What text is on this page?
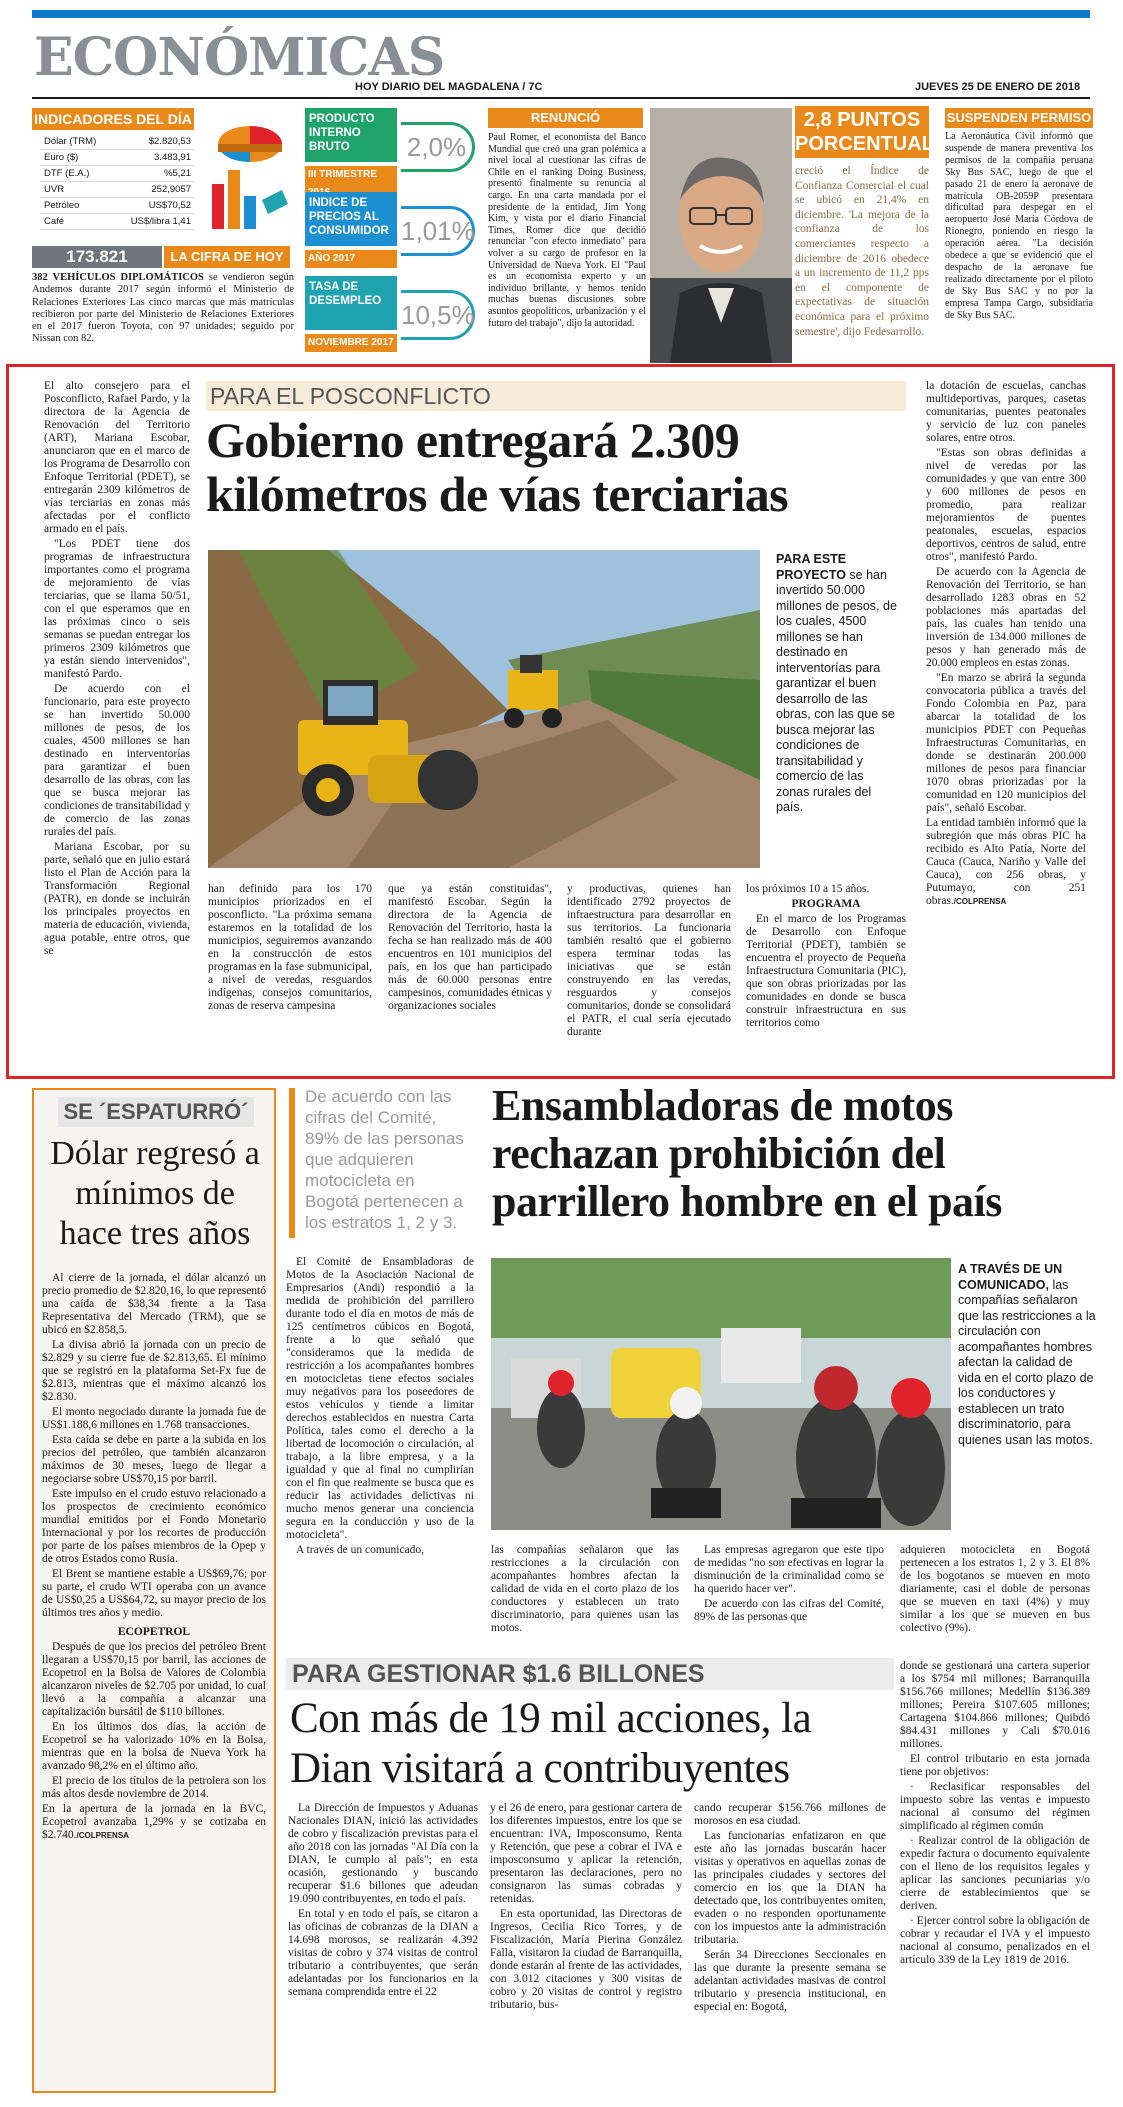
ECONÓMICAS
HOY DIARIO DEL MAGDALENA / 7C	JUEVES 25 DE ENERO DE 2018
INDICADORES DEL DÍA
Dólar (TRM)	$2.820,53
Euro ($)	3.483,91
DTF (E.A.)	%5,21
UVR	252,9057
Petróleo	US$70,52
Café	US$/libra 1,41
173.821	LA CIFRA DE HOY
382 VEHÍCULOS DIPLOMÁTICOS se vendieron según Andemos durante 2017 según informó el Ministerio de Relaciones Exteriores Las cinco marcas que más matrículas recibieron por parte del Ministerio de Relaciones Exteriores en el 2017 fueron Toyota, con 97 unidades; seguido por Nissan con 82.
PRODUCTO INTERNO BRUTO
III TRIMESTRE
2,0%
INDICE DE PRECIOS AL CONSUMIDOR
AÑO 2017
1,01%
TASA DE DESEMPLEO
NOVIEMBRE 2017
10,5%
RENUNCIÓ
Paul Romer, el economista del Banco Mundial que creó una gran polémica a nivel local al cuestionar las cifras de Chile en el ranking Doing Business, presentó finalmente su renuncia al cargo. En una carta mandada por el presidente de la entidad, Jim Yong Kim, y vista por el diario Financial Times, Romer dice que decidió renunciar "con efecto inmediato" para volver a su cargo de profesor en la Universidad de Nueva York. El "Paul es un economista experto y un individuo brillante, y hemos tenido muchas buenas discusiones sobre asuntos geopolíticos, urbanización y el futuro del trabajo", dijo la autoridad.
2,8 PUNTOS PORCENTUALES
creció el Índice de Confianza Comercial el cual se ubicó en 21,4% en diciembre. 'La mejora de la confianza de los comerciantes respecto a diciembre de 2016 obedece a un incremento de 11,2 pps en el componente de expectativas de situación económica para el próximo semestre', dijo Fedesarrollo.
SUSPENDEN PERMISO
La Aeronáutica Civil informó que suspende de manera preventiva los permisos de la compañía peruana Sky Bus SAC, luego de que el pasado 21 de enero la aeronave de matrícula OB-2059P presentara dificultad para despegar en el aeropuerto José María Córdova de Rionegro, poniendo en riesgo la operación aérea. "La decisión obedece a que se evidenció que el despacho de la aeronave fue realizado directamente por el piloto de Sky Bus SAC y no por la empresa Tampa Cargo, subsidiaria de Sky Bus SAC.

El alto consejero para el Posconflicto, Rafael Pardo, y la directora de la Agencia de Renovación del Territorio (ART), Mariana Escobar, anunciaron que en el marco de los Programa de Desarrollo con Enfoque Territorial (PDET), se entregarán 2309 kilómetros de vías terciarias en zonas más afectadas por el conflicto armado en el país.

"Los PDET tiene dos programas de infraestructura importantes como el programa de mejoramiento de vías terciarias, que se llama 50/51, con el que esperamos que en las próximas cinco o seis semanas se puedan entregar los primeros 2309 kilómetros que ya están siendo intervenidos", manifestó Pardo.

De acuerdo con el funcionario, para este proyecto se han invertido 50.000 millones de pesos, de los cuales, 4500 millones se han destinado en interventorías para garantizar el buen desarrollo de las obras, con las que se busca mejorar las condiciones de transitabilidad y de comercio de las zonas rurales del país.

Mariana Escobar, por su parte, señaló que en julio estará listo el Plan de Acción para la Transformación Regional (PATR), en donde se incluirán los principales proyectos en materia de educación, vivienda, agua potable, entre otros, que se

PARA EL POSCONFLICTO
Gobierno entregará 2.309 kilómetros de vías terciarias
PARA ESTE PROYECTO se han invertido 50.000 millones de pesos, de los cuales, 4500 millones se han destinado en interventorías para garantizar el buen desarrollo de las obras, con las que se busca mejorar las condiciones de transitabilidad y comercio de las zonas rurales del país.
han definido para los 170 municipios priorizados en el posconflicto. "La próxima semana estaremos en la totalidad de los municipios, seguiremos avanzando en la construcción de estos programas en la fase submunicipal, a nivel de veredas, resguardos indígenas, consejos comunitarios, zonas de reserva campesina
que ya están constituidas", manifestó Escobar. Según la directora de la Agencia de Renovación del Territorio, hasta la fecha se han realizado más de 400 encuentros en 101 municipios del país, en los que han participado más de 60.000 personas entre campesinos, comunidades étnicas y organizaciones sociales
y productivas, quienes han identificado 2792 proyectos de infraestructura para desarrollar en sus territorios. La funcionaria también resaltó que el gobierno espera terminar todas las iniciativas que se están construyendo en las veredas, resguardos y consejos comunitarios, donde se consolidará el PATR, el cual sería ejecutado durante

los próximos 10 a 15 años.

PROGRAMA

En el marco de los Programas de Desarrollo con Enfoque Territorial (PDET), también se encuentra el proyecto de Pequeña Infraestructura Comunitaria (PIC), que son obras priorizadas por las comunidades en donde se busca construir infraestructura en sus territorios como

la dotación de escuelas, canchas multideportivas, parques, casetas comunitarias, puentes peatonales y servicio de luz con paneles solares, entre otros.

"Estas son obras definidas a nivel de veredas por las comunidades y que van entre 300 y 600 millones de pesos en promedio, para realizar mejoramientos de puentes peatonales, escuelas, espacios deportivos, centros de salud, entre otros", manifestó Pardo.

De acuerdo con la Agencia de Renovación del Territorio, se han desarrollado 1283 obras en 52 poblaciones más apartadas del país, las cuales han tenido una inversión de 134.000 millones de pesos y han generado más de 20.000 empleos en estas zonas.

"En marzo se abrirá la segunda convocatoria pública a través del Fondo Colombia en Paz, para abarcar la totalidad de los municipios PDET con Pequeñas Infraestructuras Comunitarias, en donde se destinarán 200.000 millones de pesos para financiar 1070 obras priorizadas por la comunidad en 120 municipios del país", señaló Escobar.

La entidad también informó que la subregión que más obras PIC ha recibido es Alto Patía, Norte del Cauca (Cauca, Nariño y Valle del Cauca), con 256 obras, y Putumayo, con 251 obras.

/COLPRENSA
SE ´ESPATURRÓ´
Dólar regresó a mínimos de hace tres años

Al cierre de la jornada, el dólar alcanzó un precio promedio de $2.820,16, lo que representó una caída de $38,34 frente a la Tasa Representativa del Mercado (TRM), que se ubicó en $2.858,5.

La divisa abrió la jornada con un precio de $2.829 y su cierre fue de $2.813,65. El mínimo que se registró en la plataforma Set-Fx fue de $2.813, mientras que el máximo alcanzó los $2.830.

El monto negociado durante la jornada fue de US$1.188,6 millones en 1.768 transacciones.

Esta caída se debe en parte a la subida en los precios del petróleo, que también alcanzaron máximos de 30 meses, luego de llegar a negociarse sobre US$70,15 por barril.

Este impulso en el crudo estuvo relacionado a los prospectos de crecimiento económico mundial emitidos por el Fondo Monetario Internacional y por los recortes de producción por parte de los países miembros de la Opep y de otros Estados como Rusia.

El Brent se mantiene estable a US$69,76; por su parte, el crudo WTI operaba con un avance de US$0,25 a US$64,72, su mayor precio de los últimos tres años y medio.

ECOPETROL

Después de que los precios del petróleo Brent llegaran a US$70,15 por barril, las acciones de Ecopetrol en la Bolsa de Valores de Colombia alcanzaron niveles de $2.705 por unidad, lo cual llevó a la compañía a alcanzar una capitalización bursátil de $110 billones.

En los últimos dos días, la acción de Ecopetrol se ha valorizado 10% en la Bolsa, mientras que en la bolsa de Nueva York ha avanzado 98,2% en el último año.

El precio de los títulos de la petrolera son los más altos desde noviembre de 2014.

En la apertura de la jornada en la BVC, Ecopetrol avanzaba 1,29% y se cotizaba en $2.740.

/COLPRENSA
De acuerdo con las cifras del Comité, 89% de las personas que adquieren motocicleta en Bogotá pertenecen a los estratos 1, 2 y 3.
Ensambladoras de motos rechazan prohibición del parrillero hombre en el país

El Comité de Ensambladoras de Motos de la Asociación Nacional de Empresarios (Andi) respondió a la medida de prohibición del parrillero durante todo el día en motos de más de 125 centímetros cúbicos en Bogotá, frente a lo que señaló que "consideramos que la medida de restricción a los acompañantes hombres en motocicletas tiene efectos sociales muy negativos para los poseedores de estos vehículos y tiende a limitar derechos establecidos en nuestra Carta Política, tales como el derecho a la libertad de locomoción o circulación, al trabajo, a la libre empresa, y a la igualdad y que al final no cumplirían con el fin que realmente se busca que es reducir las actividades delictivas ni mucho menos generar una conciencia segura en la conducción y uso de la motocicleta".

A través de un comunicado,

A TRAVÉS DE UN COMUNICADO, las compañías señalaron que las restricciones a la circulación con acompañantes hombres afectan la calidad de vida en el corto plazo de los conductores y establecen un trato discriminatorio, para quienes usan las motos.
las compañías señalaron que las restricciones a la circulación con acompañantes hombres afectan la calidad de vida en el corto plazo de los conductores y establecen un trato discriminatorio, para quienes usan las motos.

Las empresas agregaron que este tipo de medidas "no son efectivas en lograr la disminución de la criminalidad como se ha querido hacer ver".

De acuerdo con las cifras del Comité, 89% de las personas que

adquieren motocicleta en Bogotá pertenecen a los estratos 1, 2 y 3. El 8% de los bogotanos se mueven en moto diariamente, casi el doble de personas que se mueven en taxi (4%) y muy similar a los que se mueven en bus colectivo (9%).
PARA GESTIONAR $1.6 BILLONES
Con más de 19 mil acciones, la Dian visitará a contribuyentes

La Dirección de Impuestos y Aduanas Nacionales DIAN, inició las actividades de cobro y fiscalización previstas para el año 2018 con las jornadas "Al Día con la DIAN, le cumplo al país"; en esta ocasión, gestionando y buscando recuperar $1.6 billones que adeudan 19.090 contribuyentes, en todo el país.

En total y en todo el país, se citaron a las oficinas de cobranzas de la DIAN a 14.698 morosos, se realizarán 4.392 visitas de cobro y 374 visitas de control tributario a contribuyentes, que serán adelantadas por los funcionarios en la semana comprendida entre el 22

y el 26 de enero, para gestionar cartera de los diferentes impuestos, entre los que se encuentran: IVA, Imposconsumo, Renta y Retención, que pese a cobrar el IVA e imposconsumo y aplicar la retención, presentaron las declaraciones, pero no consignaron las sumas cobradas y retenidas.

En esta oportunidad, las Directoras de Ingresos, Cecilia Rico Torres, y de Fiscalización, María Pierina González Falla, visitaron la ciudad de Barranquilla, donde estarán al frente de las actividades, con 3.012 citaciones y 300 visitas de cobro y 20 visitas de control y registro tributario, bus-

cando recuperar $156.766 millones de morosos en esa ciudad.

Las funcionarias enfatizaron en que este año las jornadas buscarán hacer visitas y operativos en aquellas zonas de las principales ciudades y sectores del comercio en los que la DIAN ha detectado que, los contribuyentes omiten, evaden o no responden oportunamente con los impuestos ante la administración tributaria.

Serán 34 Direcciones Seccionales en las que durante la presente semana se adelantan actividades masivas de control tributario y presencia institucional, en especial en: Bogotá,

donde se gestionará una cartera superior a los $754 mil millones; Barranquilla $156.766 millones; Medellín $136.389 millones; Pereira $107.605 millones; Cartagena $104.866 millones; Quibdó $84.431 millones y Cali $70.016 millones.

El control tributario en esta jornada tiene por objetivos:

· Reclasificar responsables del impuesto sobre las ventas e impuesto nacional al consumo del régimen simplificado al régimen común

· Realizar control de la obligación de expedir factura o documento equivalente con el lleno de los requisitos legales y aplicar las sanciones pecuniarias y/o cierre de establecimientos que se deriven.

· Ejercer control sobre la obligación de cobrar y recaudar el IVA y el impuesto nacional al consumo, penalizados en el artículo 339 de la Ley 1819 de 2016.
